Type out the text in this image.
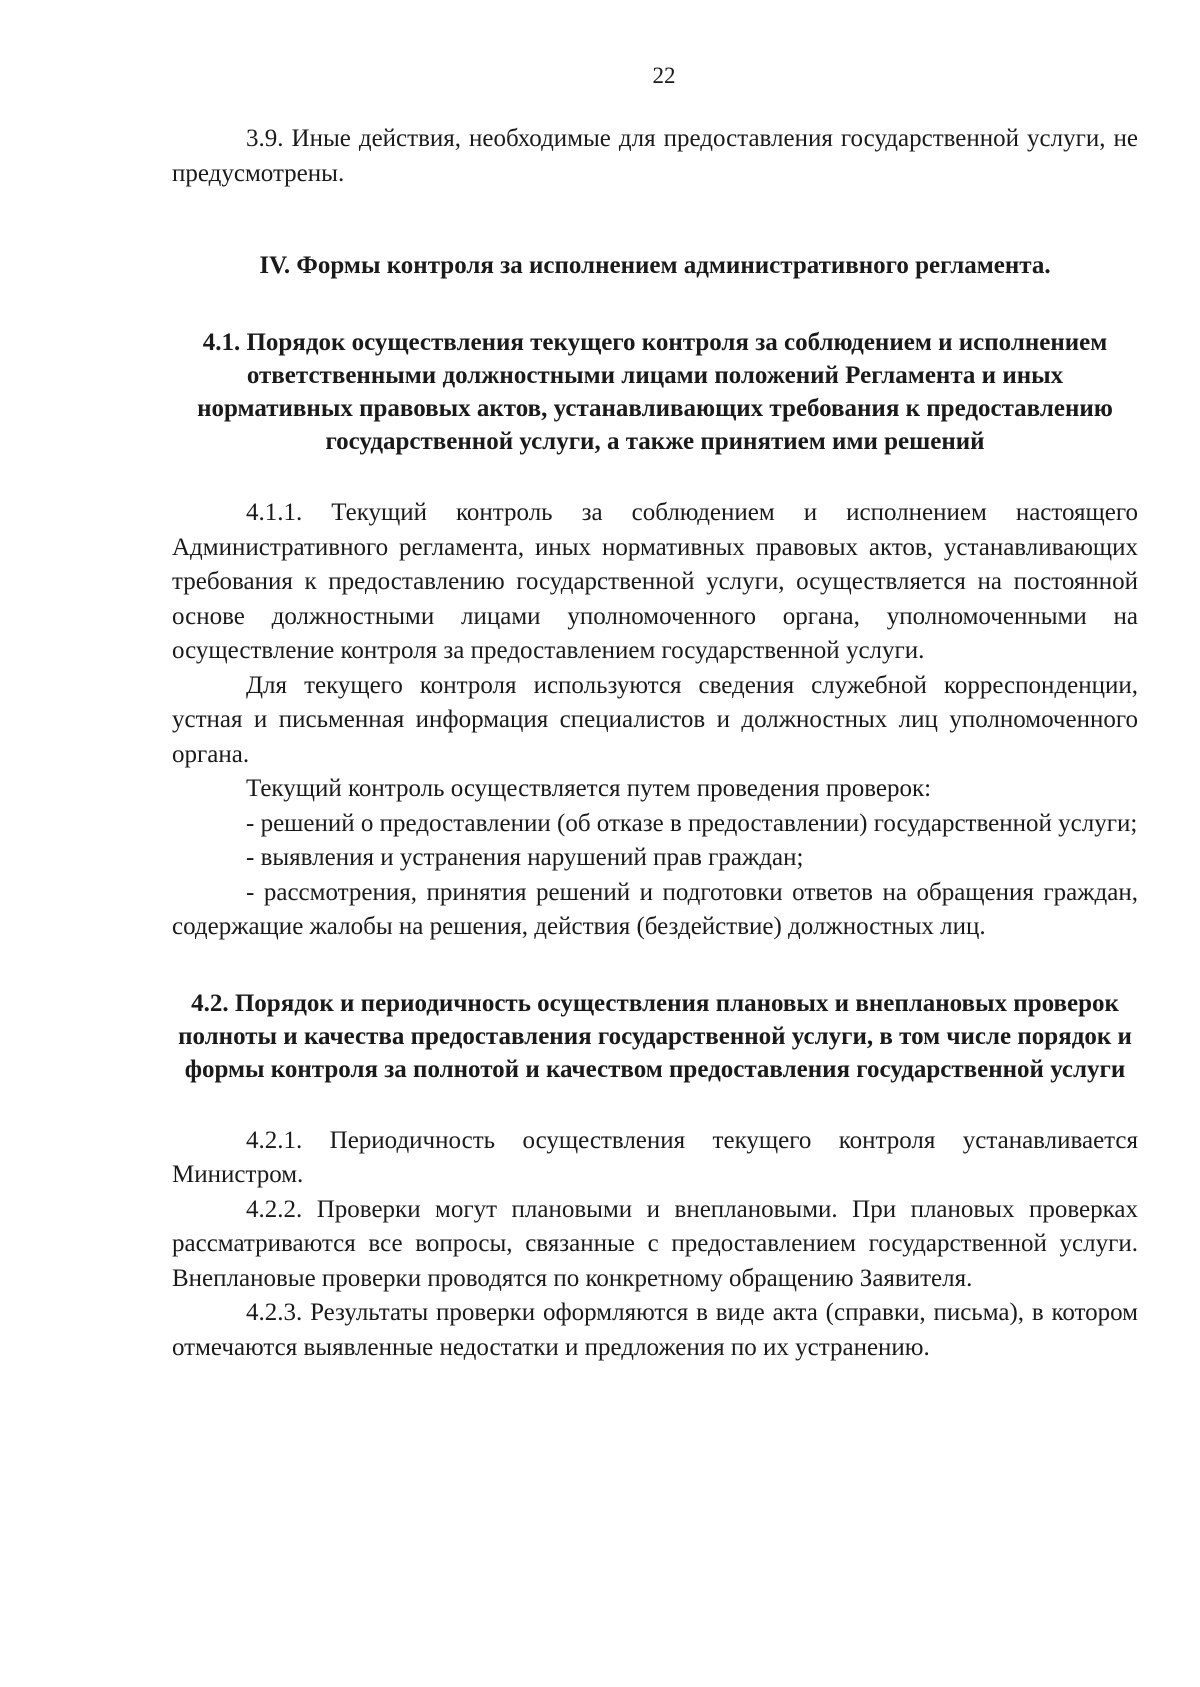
22

3.9. Иные действия, необходимые для предоставления государственной услуги, не предусмотрены.

IV. Формы контроля за исполнением административного регламента.
4.1. Порядок осуществления текущего контроля за соблюдением и исполнением ответственными должностными лицами положений Регламента и иных нормативных правовых актов, устанавливающих требования к предоставлению государственной услуги, а также принятием ими решений

4.1.1. Текущий контроль за соблюдением и исполнением настоящего Административного регламента, иных нормативных правовых актов, устанавливающих требования к предоставлению государственной услуги, осуществляется на постоянной основе должностными лицами уполномоченного органа, уполномоченными на осуществление контроля за предоставлением государственной услуги.

Для текущего контроля используются сведения служебной корреспонденции, устная и письменная информация специалистов и должностных лиц уполномоченного органа.

Текущий контроль осуществляется путем проведения проверок:

- решений о предоставлении (об отказе в предоставлении) государственной услуги;

- выявления и устранения нарушений прав граждан;

- рассмотрения, принятия решений и подготовки ответов на обращения граждан, содержащие жалобы на решения, действия (бездействие) должностных лиц.

4.2. Порядок и периодичность осуществления плановых и внеплановых проверок полноты и качества предоставления государственной услуги, в том числе порядок и формы контроля за полнотой и качеством предоставления государственной услуги

4.2.1. Периодичность осуществления текущего контроля устанавливается Министром.

4.2.2. Проверки могут плановыми и внеплановыми. При плановых проверках рассматриваются все вопросы, связанные с предоставлением государственной услуги. Внеплановые проверки проводятся по конкретному обращению Заявителя.

4.2.3. Результаты проверки оформляются в виде акта (справки, письма), в котором отмечаются выявленные недостатки и предложения по их устранению.
